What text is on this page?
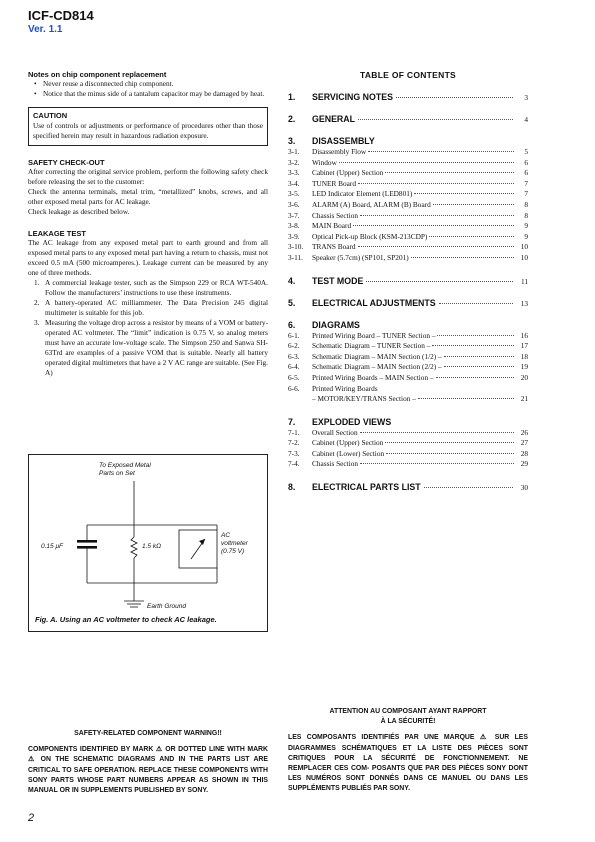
ICF-CD814
Ver. 1.1
Notes on chip component replacement
• Never reuse a disconnected chip component.
• Notice that the minus side of a tantalum capacitor may be damaged by heat.
CAUTION
Use of controls or adjustments or performance of procedures other than those specified herein may result in hazardous radiation exposure.
SAFETY CHECK-OUT
After correcting the original service problem, perform the following safety check before releasing the set to the customer:
Check the antenna terminals, metal trim, “metallized” knobs, screws, and all other exposed metal parts for AC leakage.
Check leakage as described below.
LEAKAGE TEST
The AC leakage from any exposed metal part to earth ground and from all exposed metal parts to any exposed metal part having a return to chassis, must not exceed 0.5 mA (500 microamperes.). Leakage current can be measured by any one of three methods.
1. A commercial leakage tester, such as the Simpson 229 or RCA WT-540A. Follow the manufacturers’ instructions to use these instruments.
2. A battery-operated AC milliammeter. The Data Precision 245 digital multimeter is suitable for this job.
3. Measuring the voltage drop across a resistor by means of a VOM or battery-operated AC voltmeter. The “limit” indication is 0.75 V, so analog meters must have an accurate low-voltage scale. The Simpson 250 and Sanwa SH-63Trd are examples of a passive VOM that is suitable. Nearly all battery operated digital multimeters that have a 2 V AC range are suitable. (See Fig. A)
To Exposed Metal
Parts on Set
0.15 μF	1.5 kΩ
AC
voltmeter
(0.75 V)
Earth Ground
Fig. A. Using an AC voltmeter to check AC leakage.
TABLE OF CONTENTS
1.	SERVICING NOTES	3
2.	GENERAL	4
3.	DISASSEMBLY
3-1.	Disassembly Flow	5
3-2.	Window	6
3-3.	Cabinet (Upper) Section	6
3-4.	TUNER Board	7
3-5.	LED Indicator Element (LED801)	7
3-6.	ALARM (A) Board, ALARM (B) Board	8
3-7.	Chassis Section	8
3-8.	MAIN Board	9
3-9.	Optical Pick-up Block (KSM-213CDP)	9
3-10.	TRANS Board	10
3-11.	Speaker (5.7cm) (SP101, SP201)	10
4.	TEST MODE	11
5.	ELECTRICAL ADJUSTMENTS	13
6.	DIAGRAMS
6-1.	Printed Wiring Board – TUNER Section –	16
6-2.	Schematic Diagram – TUNER Section –	17
6-3.	Schematic Diagram – MAIN Section (1/2) –	18
6-4.	Schematic Diagram – MAIN Section (2/2) –	19
6-5.	Printed Wiring Boards – MAIN Section –	20
6-6.	Printed Wiring Boards
– MOTOR/KEY/TRANS Section –	21
7.	EXPLODED VIEWS
7-1.	Overall Section	26
7-2.	Cabinet (Upper) Section	27
7-3.	Cabinet (Lower) Section	28
7-4.	Chassis Section	29
8.	ELECTRICAL PARTS LIST	30
SAFETY-RELATED COMPONENT WARNING!!
COMPONENTS IDENTIFIED BY MARK ⚠ OR DOTTED LINE WITH MARK ⚠ ON THE SCHEMATIC DIAGRAMS AND IN THE PARTS LIST ARE CRITICAL TO SAFE OPERATION. REPLACE THESE COMPONENTS WITH SONY PARTS WHOSE PART NUMBERS APPEAR AS SHOWN IN THIS MANUAL OR IN SUPPLEMENTS PUBLISHED BY SONY.
ATTENTION AU COMPOSANT AYANT RAPPORT
À LA SÉCURITÉ!
LES COMPOSANTS IDENTIFIÉS PAR UNE MARQUE ⚠ SUR LES DIAGRAMMES SCHÉMATIQUES ET LA LISTE DES PIÈCES SONT CRITIQUES POUR LA SÉCURITÉ DE FONCTIONNEMENT. NE REMPLACER CES COM- POSANTS QUE PAR DES PIÈCES SONY DONT LES NUMÉROS SONT DONNÉS DANS CE MANUEL OU DANS LES SUPPLÉMENTS PUBLIÉS PAR SONY.
2
